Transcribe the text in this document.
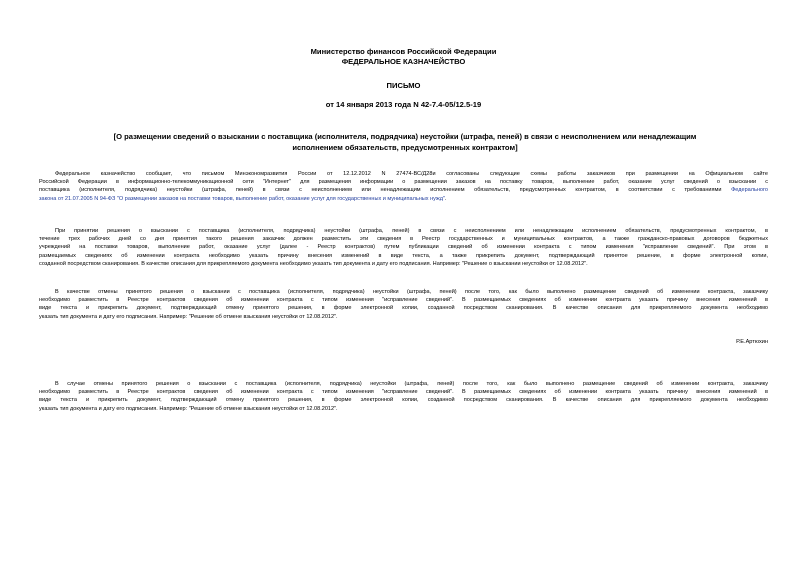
Министерство финансов Российской Федерации
ФЕДЕРАЛЬНОЕ КАЗНАЧЕЙСТВО
ПИСЬМО
от 14 января 2013 года N 42-7.4-05/12.5-19
[О размещении сведений о взыскании с поставщика (исполнителя, подрядчика) неустойки (штрафа, пеней) в связи с неисполнением или ненадлежащим
исполнением обязательств, предусмотренных контрактом]
Федеральное казначейство сообщает, что письмом Минэкономразвития России от 12.12.2012 N 27474-ВС/Д28и согласованы следующие схемы работы заказчиков при размещении на Официальном сайте
Российской Федерации в информационно-телекоммуникационной сети "Интернет" для размещения информации о размещении заказов на поставку товаров, выполнение работ, оказание услуг сведений о взыскании с
поставщика (исполнителя, подрядчика) неустойки (штрафа, пеней) в связи с неисполнением или ненадлежащим исполнением обязательств, предусмотренных контрактом, в соответствии с требованиями Федерального
закона от 21.07.2005 N 94-ФЗ "О размещении заказов на поставки товаров, выполнение работ, оказание услуг для государственных и муниципальных нужд".
При принятии решения о взыскании с поставщика (исполнителя, подрядчика) неустойки (штрафа, пеней) в связи с неисполнением или ненадлежащим исполнением обязательств, предусмотренных контрактом, в
течение трех рабочих дней со дня принятия такого решения заказчик должен разместить эти сведения в Реестр государственных и муниципальных контрактов, а также гражданско-правовых договоров бюджетных
учреждений на поставки товаров, выполнение работ, оказание услуг (далее - Реестр контрактов) путем публикации сведений об изменении контракта с типом изменения "исправление сведений". При этом в
размещаемых сведениях об изменении контракта необходимо указать причину внесения изменений в виде текста, а также прикрепить документ, подтверждающий принятое решение, в форме электронной копии,
созданной посредством сканирования. В качестве описания для прикрепляемого документа необходимо указать тип документа и дату его подписания. Например: "Решение о взыскании неустойки от 12.08.2012".
В качестве отмены принятого решения о взыскании с поставщика (исполнителя, подрядчика) неустойки (штрафа, пеней) после того, как было выполнено размещение сведений об изменении контракта, заказчику
необходимо разместить в Реестре контрактов сведения об изменении контракта с типом изменения "исправление сведений". В размещаемых сведениях об изменении контракта указать причину внесения изменений в
виде текста и прикрепить документ, подтверждающий отмену принятого решения, в форме электронной копии, созданной посредством сканирования. В качестве описания для прикрепляемого документа необходимо
указать тип документа и дату его подписания. Например: "Решение об отмене взыскания неустойки от 12.08.2012".
Р.Е.Артюхин
В случае отмены принятого решения о взыскании с поставщика (исполнителя, подрядчика) неустойки (штрафа, пеней) после того, как было выполнено размещение сведений об изменении контракта, заказчику
необходимо разместить в Реестре контрактов сведения об изменении контракта с типом изменения "исправление сведений". В размещаемых сведениях об изменении контракта указать причину внесения изменений в
виде текста и прикрепить документ, подтверждающий отмену принятого решения, в форме электронной копии, созданной посредством сканирования. В качестве описания для прикрепляемого документа необходимо
указать тип документа и дату его подписания. Например: "Решение об отмене взыскания неустойки от 12.08.2012".
